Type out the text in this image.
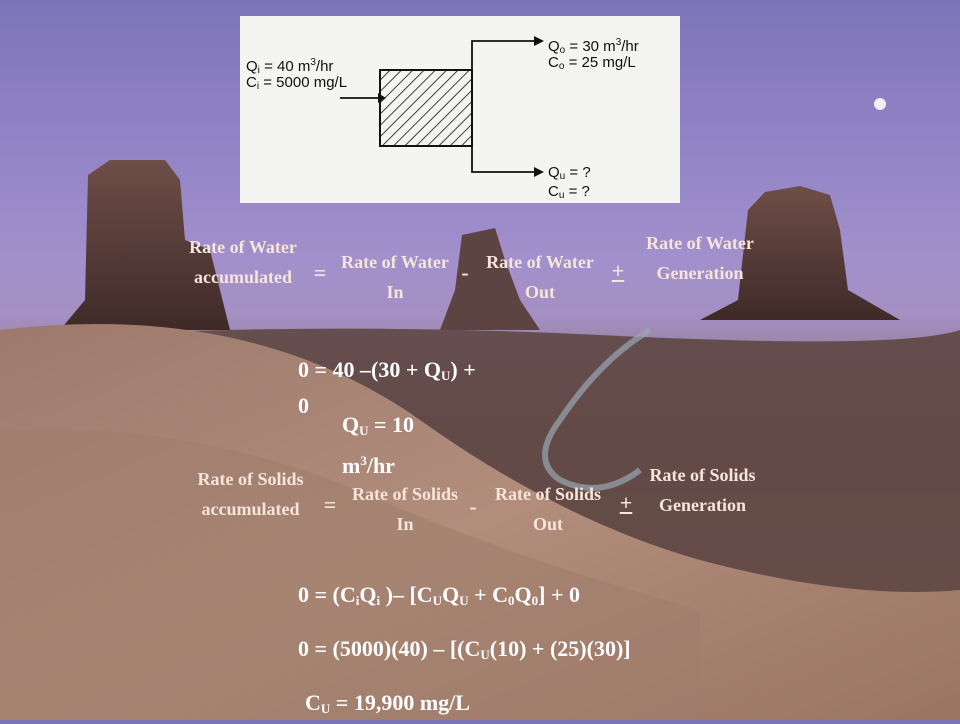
$Q_i = 40$ $m^3/hr$
$C_i = 5000$ mg/L
$Q_o = 30$ $m^3/hr$
$C_o = 25$ mg/L
$Q_u$ = ?
$C_u$ = ?
Rate of Water accumulated = Rate of Water In
- Rate of Water Out
+
Rate of Water Generation
0 = 40 $-(30 + Q_U)$ +
0
$Q_U = 10$
$m^3/hr$
Rate of Solids accumulated	= Rate of Solids In
-	Rate of Solids Out
+
Rate of Solids Generation
$0 = (C_iQ_i$ )– $[C_UQ_U + C_0Q_0] + 0$
$0 = (5000)(40) - [(C_U(10) + (25)(30)]$
$C_U = 19,900$ mg/L
